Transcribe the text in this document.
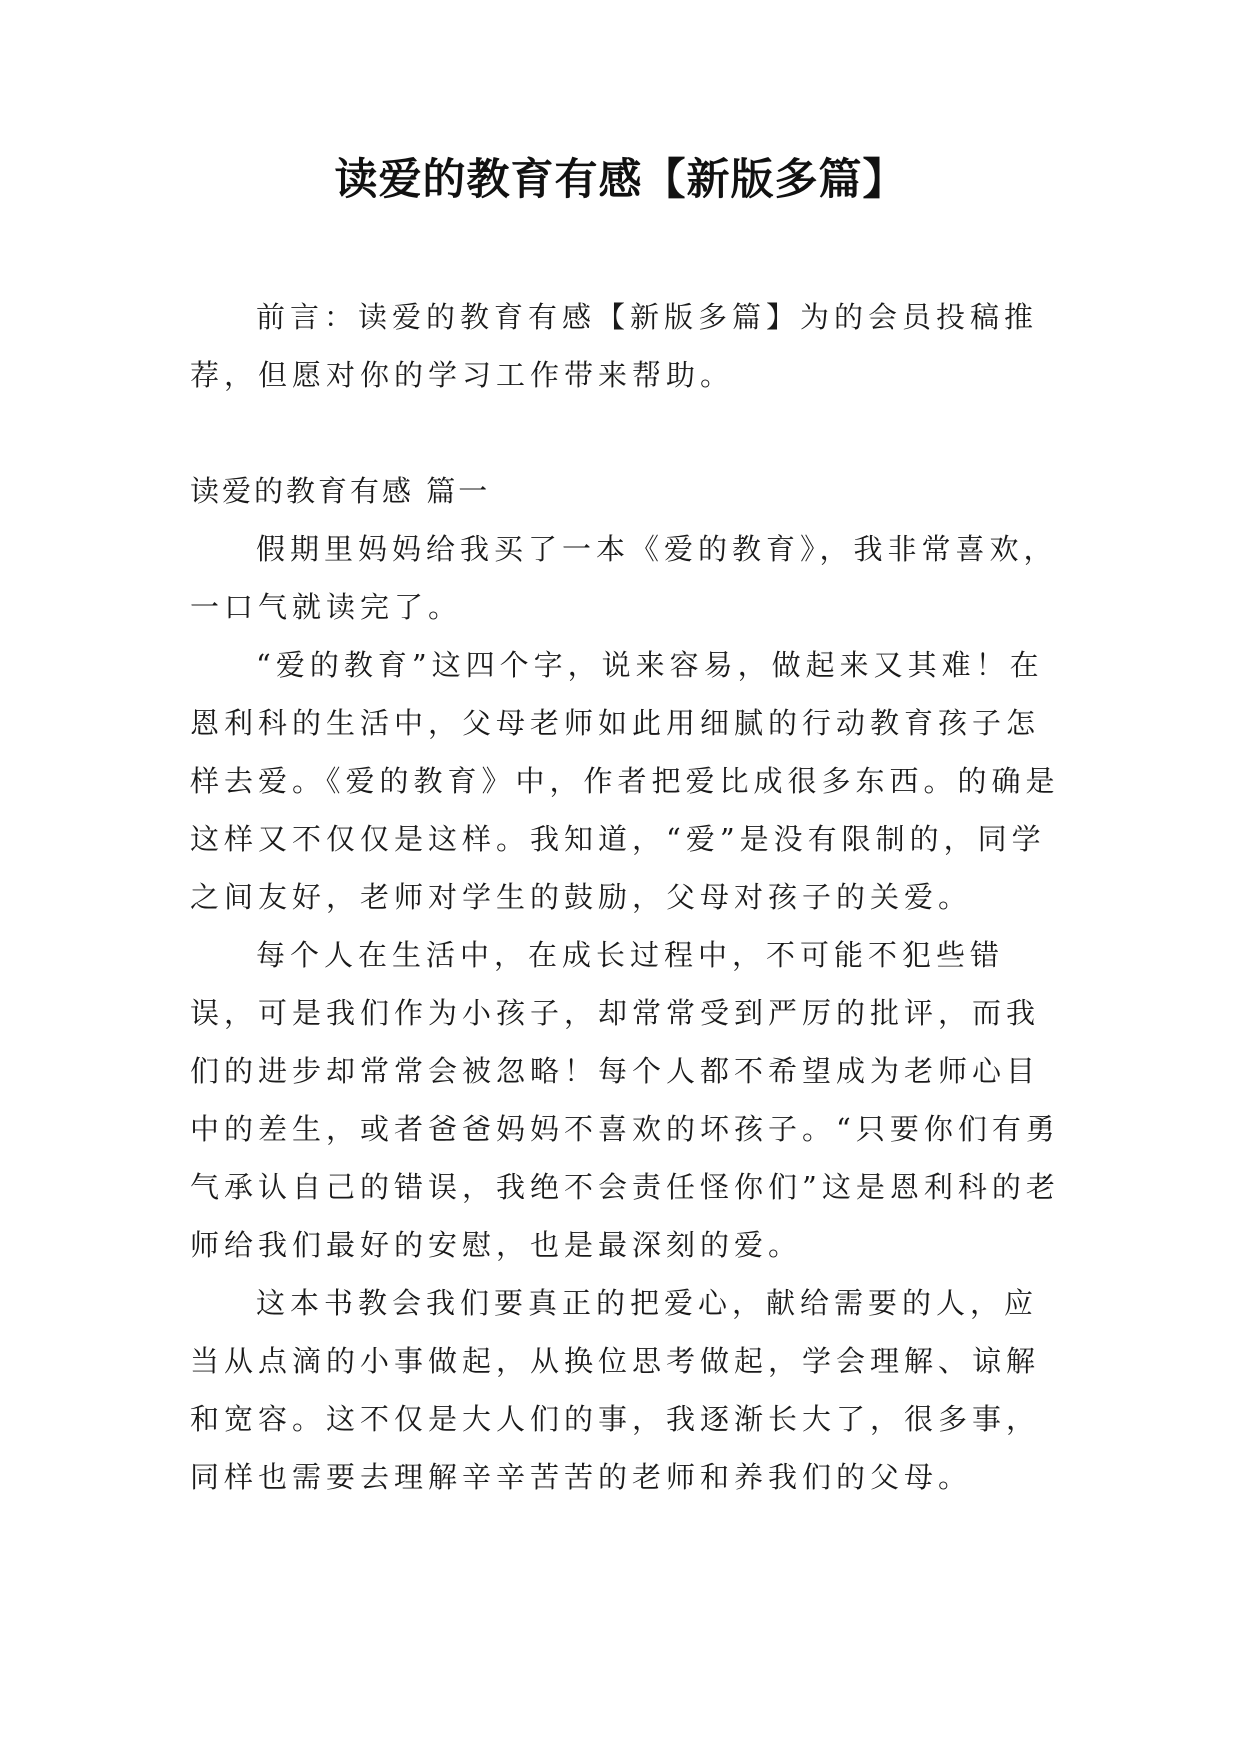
读爱的教育有感【新版多篇】

前言：读爱的教育有感【新版多篇】为的会员投稿推荐，但愿对你的学习工作带来帮助。

读爱的教育有感 篇一

假期里妈妈给我买了一本《爱的教育》，我非常喜欢，一口气就读完了。

“爱的教育”这四个字，说来容易，做起来又其难！在恩利科的生活中，父母老师如此用细腻的行动教育孩子怎样去爱。《爱的教育》中，作者把爱比成很多东西。的确是这样又不仅仅是这样。我知道，“爱”是没有限制的，同学之间友好，老师对学生的鼓励，父母对孩子的关爱。

每个人在生活中，在成长过程中，不可能不犯些错误，可是我们作为小孩子，却常常受到严厉的批评，而我们的进步却常常会被忽略！每个人都不希望成为老师心目中的差生，或者爸爸妈妈不喜欢的坏孩子。“只要你们有勇气承认自己的错误，我绝不会责任怪你们”这是恩利科的老师给我们最好的安慰，也是最深刻的爱。

这本书教会我们要真正的把爱心，献给需要的人，应当从点滴的小事做起，从换位思考做起，学会理解、谅解和宽容。这不仅是大人们的事，我逐渐长大了，很多事，同样也需要去理解辛辛苦苦的老师和养我们的父母。
